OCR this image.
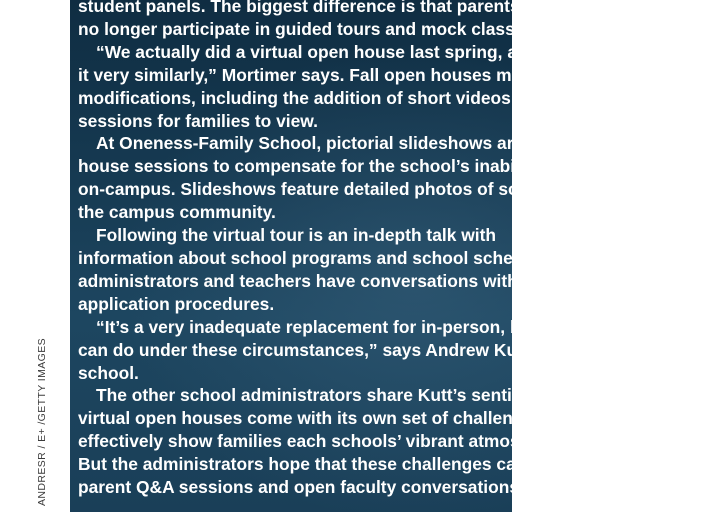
ANDRESR / E+ /GETTY IMAGES
student panels. The biggest difference is that parents
no longer participate in guided tours and mock classes.
“We actually did a virtual open house last spring, and
it very similarly,” Mortimer says. Fall open houses made
modifications, including the addition of short videos and
sessions for families to view.
At Oneness-Family School, pictorial slideshows are
house sessions to compensate for the school’s inability to
on-campus. Slideshows feature detailed photos of school
the campus community.
Following the virtual tour is an in-depth talk with
information about school programs and school schedules
administrators and teachers have conversations with
application procedures.
“It’s a very inadequate replacement for in-person, but
can do under these circumstances,” says Andrew Kutt of
school.
The other school administrators share Kutt’s sentiment
virtual open houses come with its own set of challenges
effectively show families each schools’ vibrant atmosphere.
But the administrators hope that these challenges can
parent Q&A sessions and open faculty conversations.
